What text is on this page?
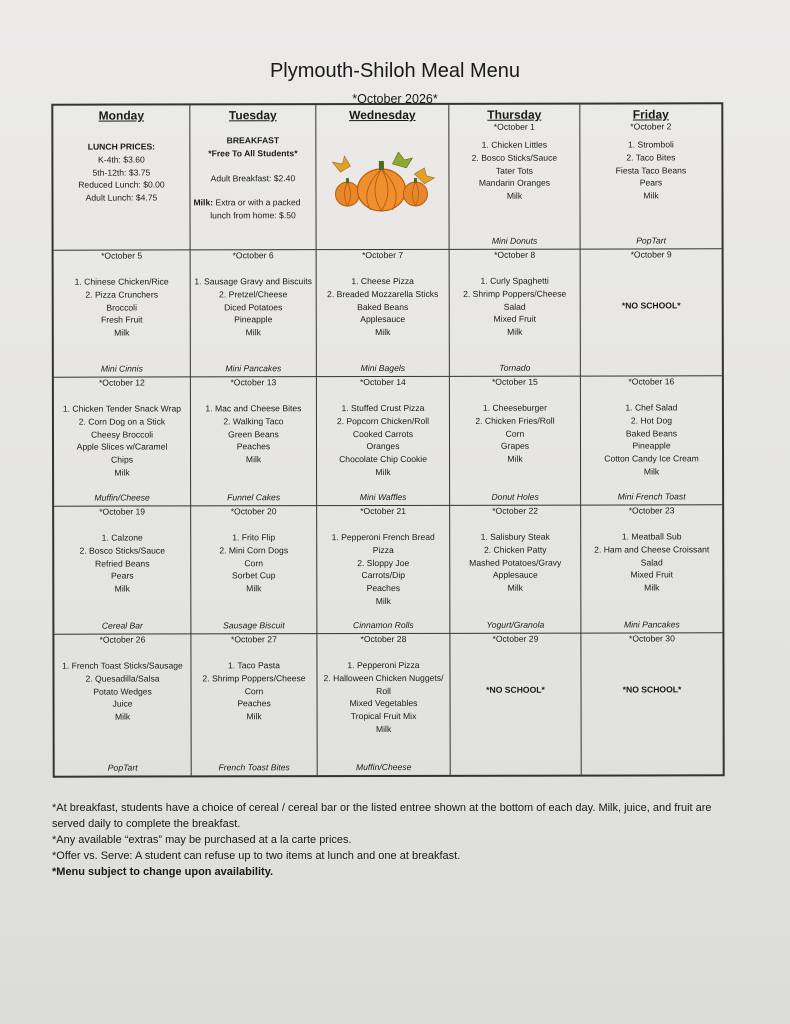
Plymouth-Shiloh Meal Menu
*October 2026*
Monday
LUNCH PRICES:
K-4th: $3.60
5th-12th: $3.75
Reduced Lunch: $0.00
Adult Lunch: $4.75
Tuesday
BREAKFAST
*Free To All Students*
Adult Breakfast: $2.40
Milk: Extra or with a packed
lunch from home: $.50
Wednesday	Thursday
*October 1
1. Chicken Littles
2. Bosco Sticks/Sauce
Tater Tots
Mandarin Oranges
Milk
Mini Donuts
Friday
*October 2
1. Stromboli
2. Taco Bites
Fiesta Taco Beans
Pears
Milk
PopTart
*October 5
1. Chinese Chicken/Rice
2. Pizza Crunchers
Broccoli
Fresh Fruit
Milk
Mini Cinnis
*October 6
1. Sausage Gravy and Biscuits
2. Pretzel/Cheese
Diced Potatoes
Pineapple
Milk
Mini Pancakes
*October 7
1. Cheese Pizza
2. Breaded Mozzarella Sticks
Baked Beans
Applesauce
Milk
Mini Bagels
*October 8
1. Curly Spaghetti
2. Shrimp Poppers/Cheese
Salad
Mixed Fruit
Milk
Tornado
*October 9
*NO SCHOOL*
*October 12
1. Chicken Tender Snack Wrap
2. Corn Dog on a Stick
Cheesy Broccoli
Apple Slices w/Caramel
Chips
Milk
Muffin/Cheese
*October 13
1. Mac and Cheese Bites
2. Walking Taco
Green Beans
Peaches
Milk
Funnel Cakes
*October 14
1. Stuffed Crust Pizza
2. Popcorn Chicken/Roll
Cooked Carrots
Oranges
Chocolate Chip Cookie
Milk
Mini Waffles
*October 15
1. Cheeseburger
2. Chicken Fries/Roll
Corn
Grapes
Milk
Donut Holes
*October 16
1. Chef Salad
2. Hot Dog
Baked Beans
Pineapple
Cotton Candy Ice Cream
Milk
Mini French Toast
*October 19
1. Calzone
2. Bosco Sticks/Sauce
Refried Beans
Pears
Milk
Cereal Bar
*October 20
1. Frito Flip
2. Mini Corn Dogs
Corn
Sorbet Cup
Milk
Sausage Biscuit
*October 21
1. Pepperoni French Bread
Pizza
2. Sloppy Joe
Carrots/Dip
Peaches
Milk
Cinnamon Rolls
*October 22
1. Salisbury Steak
2. Chicken Patty
Mashed Potatoes/Gravy
Applesauce
Milk
Yogurt/Granola
*October 23
1. Meatball Sub
2. Ham and Cheese Croissant
Salad
Mixed Fruit
Milk
Mini Pancakes
*October 26
1. French Toast Sticks/Sausage
2. Quesadilla/Salsa
Potato Wedges
Juice
Milk
PopTart
*October 27
1. Taco Pasta
2. Shrimp Poppers/Cheese
Corn
Peaches
Milk
French Toast Bites
*October 28
1. Pepperoni Pizza
2. Halloween Chicken Nuggets/
Roll
Mixed Vegetables
Tropical Fruit Mix
Milk
Muffin/Cheese
*October 29
*NO SCHOOL*
*October 30
*NO SCHOOL*
*At breakfast, students have a choice of cereal / cereal bar or the listed entree shown at the bottom of each day. Milk, juice, and fruit are served daily to complete the breakfast.
*Any available “extras” may be purchased at a la carte prices.
*Offer vs. Serve: A student can refuse up to two items at lunch and one at breakfast.
*Menu subject to change upon availability.
